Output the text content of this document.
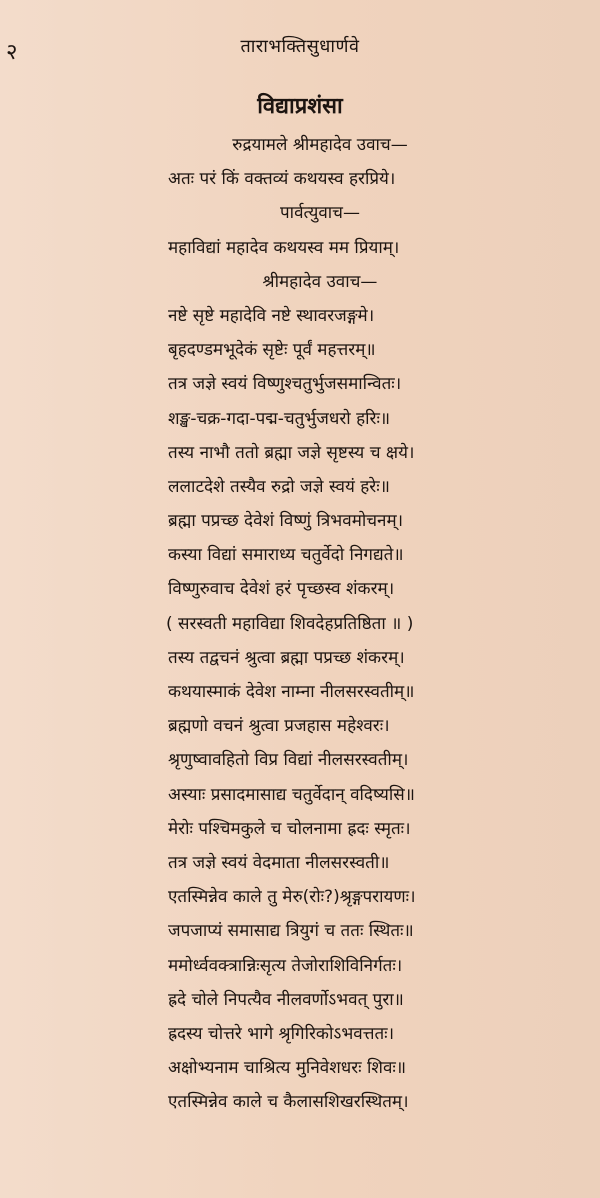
२	ताराभक्तिसुधार्णवे
विद्याप्रशंसा
रुद्रयामले श्रीमहादेव उवाच—
अतः परं किं वक्तव्यं कथयस्व हरप्रिये।
पार्वत्युवाच—
महाविद्यां महादेव कथयस्व मम प्रियाम्।
श्रीमहादेव उवाच—
नष्टे सृष्टे महादेवि नष्टे स्थावरजङ्गमे।
बृहदण्डमभूदेकं सृष्टेः पूर्वं महत्तरम्॥
तत्र जज्ञे स्वयं विष्णुश्चतुर्भुजसमान्वितः।
शङ्ख-चक्र-गदा-पद्म-चतुर्भुजधरो हरिः॥
तस्य नाभौ ततो ब्रह्मा जज्ञे सृष्टस्य च क्षये।
ललाटदेशे तस्यैव रुद्रो जज्ञे स्वयं हरेः॥
ब्रह्मा पप्रच्छ देवेशं विष्णुं त्रिभवमोचनम्।
कस्या विद्यां समाराध्य चतुर्वेदो निगद्यते॥
विष्णुरुवाच देवेशं हरं पृच्छस्व शंकरम्।
( सरस्वती महाविद्या शिवदेहप्रतिष्ठिता ॥ )
तस्य तद्वचनं श्रुत्वा ब्रह्मा पप्रच्छ शंकरम्।
कथयास्माकं देवेश नाम्ना नीलसरस्वतीम्॥
ब्रह्मणो वचनं श्रुत्वा प्रजहास महेश्वरः।
श्रृणुष्वावहितो विप्र विद्यां नीलसरस्वतीम्।
अस्याः प्रसादमासाद्य चतुर्वेदान् वदिष्यसि॥
मेरोः पश्चिमकुले च चोलनामा ह्रदः स्मृतः।
तत्र जज्ञे स्वयं वेदमाता नीलसरस्वती॥
एतस्मिन्नेव काले तु मेरु(रोः?)श्रृङ्गपरायणः।
जपजाप्यं समासाद्य त्रियुगं च ततः स्थितः॥
ममोर्ध्ववक्त्रान्निःसृत्य तेजोराशिविनिर्गतः।
ह्रदे चोले निपत्यैव नीलवर्णोऽभवत् पुरा॥
ह्रदस्य चोत्तरे भागे श्रृगिरिकोऽभवत्ततः।
अक्षोभ्यनाम चाश्रित्य मुनिवेशधरः शिवः॥
एतस्मिन्नेव काले च कैलासशिखरस्थितम्।
